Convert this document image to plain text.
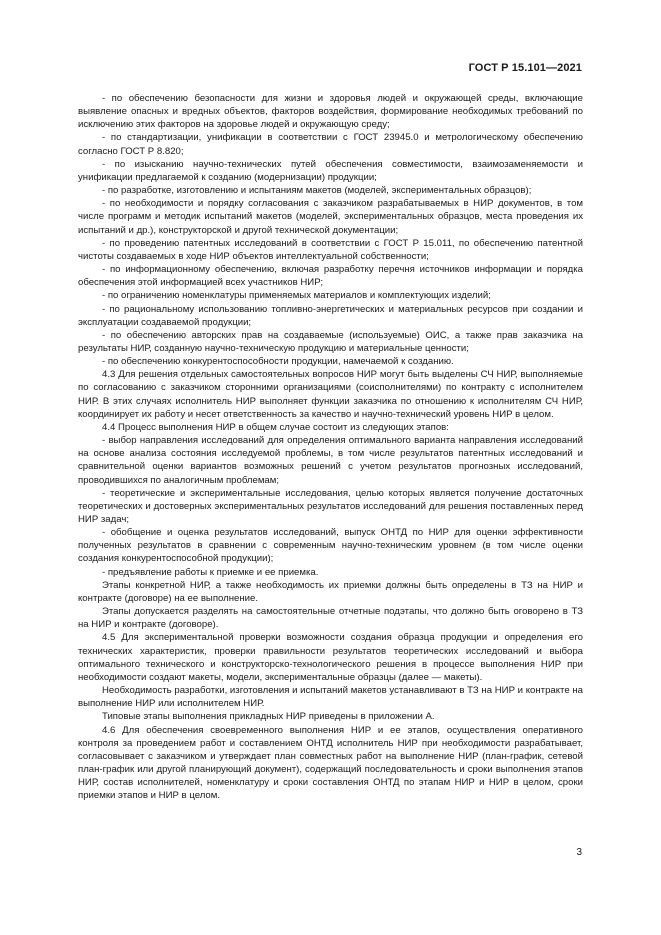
ГОСТ Р 15.101—2021

- по обеспечению безопасности для жизни и здоровья людей и окружающей среды, включающие выявление опасных и вредных объектов, факторов воздействия, формирование необходимых требований по исключению этих факторов на здоровье людей и окружающую среду;

- по стандартизации, унификации в соответствии с ГОСТ 23945.0 и метрологическому обеспечению согласно ГОСТ Р 8.820;

- по изысканию научно-технических путей обеспечения совместимости, взаимозаменяемости и унификации предлагаемой к созданию (модернизации) продукции;

- по разработке, изготовлению и испытаниям макетов (моделей, экспериментальных образцов);

- по необходимости и порядку согласования с заказчиком разрабатываемых в НИР документов, в том числе программ и методик испытаний макетов (моделей, экспериментальных образцов, места проведения их испытаний и др.), конструкторской и другой технической документации;

- по проведению патентных исследований в соответствии с ГОСТ Р 15.011, по обеспечению патентной чистоты создаваемых в ходе НИР объектов интеллектуальной собственности;

- по информационному обеспечению, включая разработку перечня источников информации и порядка обеспечения этой информацией всех участников НИР;

- по ограничению номенклатуры применяемых материалов и комплектующих изделий;

- по рациональному использованию топливно-энергетических и материальных ресурсов при создании и эксплуатации создаваемой продукции;

- по обеспечению авторских прав на создаваемые (используемые) ОИС, а также прав заказчика на результаты НИР, созданную научно-техническую продукцию и материальные ценности;

- по обеспечению конкурентоспособности продукции, намечаемой к созданию.

4.3 Для решения отдельных самостоятельных вопросов НИР могут быть выделены СЧ НИР, выполняемые по согласованию с заказчиком сторонними организациями (соисполнителями) по контракту с исполнителем НИР. В этих случаях исполнитель НИР выполняет функции заказчика по отношению к исполнителям СЧ НИР, координирует их работу и несет ответственность за качество и научно-технический уровень НИР в целом.

4.4 Процесс выполнения НИР в общем случае состоит из следующих этапов:

- выбор направления исследований для определения оптимального варианта направления исследований на основе анализа состояния исследуемой проблемы, в том числе результатов патентных исследований и сравнительной оценки вариантов возможных решений с учетом результатов прогнозных исследований, проводившихся по аналогичным проблемам;

- теоретические и экспериментальные исследования, целью которых является получение достаточных теоретических и достоверных экспериментальных результатов исследований для решения поставленных перед НИР задач;

- обобщение и оценка результатов исследований, выпуск ОНТД по НИР для оценки эффективности полученных результатов в сравнении с современным научно-техническим уровнем (в том числе оценки создания конкурентоспособной продукции);

- предъявление работы к приемке и ее приемка.

Этапы конкретной НИР, а также необходимость их приемки должны быть определены в ТЗ на НИР и контракте (договоре) на ее выполнение.

Этапы допускается разделять на самостоятельные отчетные подэтапы, что должно быть оговорено в ТЗ на НИР и контракте (договоре).

4.5 Для экспериментальной проверки возможности создания образца продукции и определения его технических характеристик, проверки правильности результатов теоретических исследований и выбора оптимального технического и конструкторско-технологического решения в процессе выполнения НИР при необходимости создают макеты, модели, экспериментальные образцы (далее — макеты).

Необходимость разработки, изготовления и испытаний макетов устанавливают в ТЗ на НИР и контракте на выполнение НИР или исполнителем НИР.

Типовые этапы выполнения прикладных НИР приведены в приложении А.

4.6 Для обеспечения своевременного выполнения НИР и ее этапов, осуществления оперативного контроля за проведением работ и составлением ОНТД исполнитель НИР при необходимости разрабатывает, согласовывает с заказчиком и утверждает план совместных работ на выполнение НИР (план-график, сетевой план-график или другой планирующий документ), содержащий последовательность и сроки выполнения этапов НИР, состав исполнителей, номенклатуру и сроки составления ОНТД по этапам НИР и НИР в целом, сроки приемки этапов и НИР в целом.

3
